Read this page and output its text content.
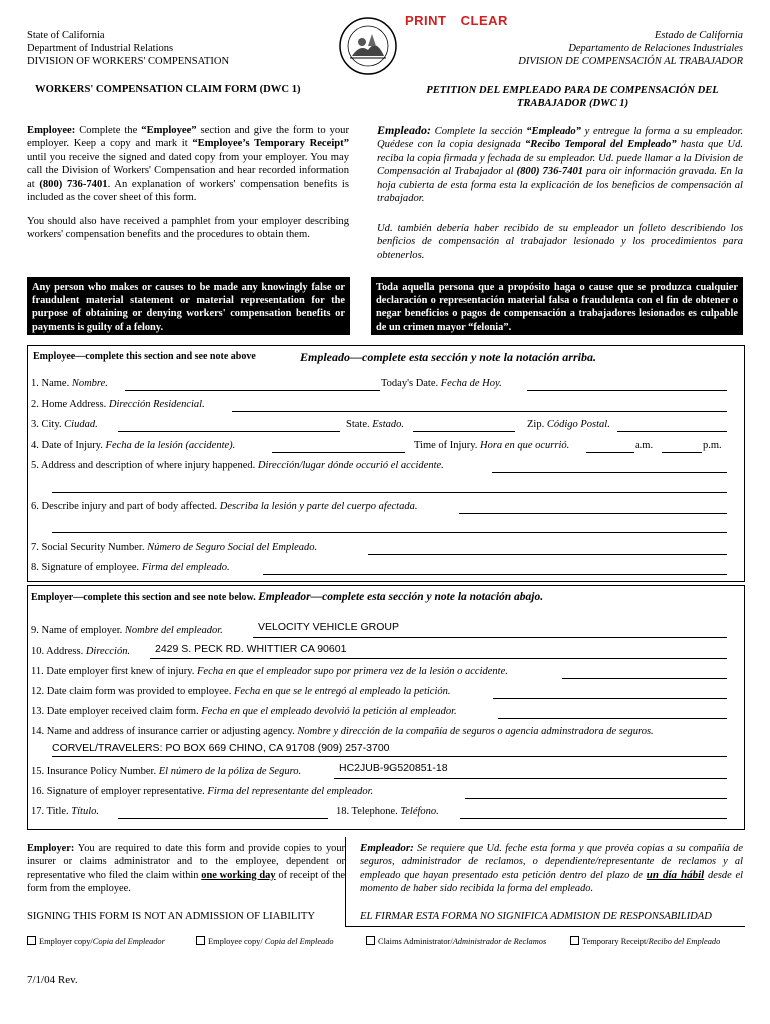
PRINT CLEAR
State of California
Department of Industrial Relations
DIVISION OF WORKERS' COMPENSATION
Estado de California
Departamento de Relaciones Industriales
DIVISION DE COMPENSACIÓN AL TRABAJADOR
WORKERS' COMPENSATION CLAIM FORM (DWC 1)	PETITION DEL EMPLEADO PARA DE COMPENSACIÓN DEL
TRABAJADOR (DWC 1)
Employee: Complete the “Employee” section and give the form to your employer. Keep a copy and mark it “Employee’s Temporary Receipt” until you receive the signed and dated copy from your employer. You may call the Division of Workers' Compensation and hear recorded information at (800) 736-7401. An explanation of workers' compensation benefits is included as the cover sheet of this form.
You should also have received a pamphlet from your employer describing workers' compensation benefits and the procedures to obtain them.
Empleado: Complete la sección “Empleado” y entregue la forma a su empleador. Quédese con la copia designada “Recibo Temporal del Empleado” hasta que Ud. reciba la copia firmada y fechada de su empleador. Ud. puede llamar a la Division de Compensación al Trabajador al (800) 736-7401 para oir información gravada. En la hoja cubierta de esta forma esta la explicación de los beneficios de compensación al trabajador.
Ud. también debería haber recibido de su empleador un folleto describiendo los benficios de compensación al trabajador lesionado y los procedimientos para obtenerlos.
Any person who makes or causes to be made any knowingly false or fraudulent material statement or material representation for the purpose of obtaining or denying workers' compensation benefits or payments is guilty of a felony.
Toda aquella persona que a propósito haga o cause que se produzca cualquier declaración o representación material falsa o fraudulenta con el fin de obtener o negar beneficios o pagos de compensación a trabajadores lesionados es culpable de un crimen mayor “felonia”.
Employee—complete this section and see note above	Empleado—complete esta sección y note la notación arriba.
1. Name. Nombre.	Today's Date. Fecha de Hoy.
2. Home Address. Dirección Residencial.
3. City. Ciudad.	State. Estado.	Zip. Código Postal.
4. Date of Injury. Fecha de la lesión (accidente).	Time of Injury. Hora en que ocurrió.	a.m.	p.m.
5. Address and description of where injury happened. Dirección/lugar dónde occurió el accidente.
6. Describe injury and part of body affected. Describa la lesión y parte del cuerpo afectada.
7. Social Security Number. Número de Seguro Social del Empleado.
8. Signature of employee. Firma del empleado.
Employer—complete this section and see note below. Empleador—complete esta sección y note la notación abajo.
9. Name of employer. Nombre del empleador.	VELOCITY VEHICLE GROUP
10. Address. Dirección. 2429 S. PECK RD. WHITTIER CA 90601
11. Date employer first knew of injury. Fecha en que el empleador supo por primera vez de la lesión o accidente.
12. Date claim form was provided to employee. Fecha en que se le entregó al empleado la petición.
13. Date employer received claim form. Fecha en que el empleado devolvió la petición al empleador.
14. Name and address of insurance carrier or adjusting agency. Nombre y dirección de la compañía de seguros o agencia adminstradora de seguros.
CORVEL/TRAVELERS: PO BOX 669 CHINO, CA 91708 (909) 257-3700
15. Insurance Policy Number. El número de la póliza de Seguro.	HC2JUB-9G520851-18
16. Signature of employer representative. Firma del representante del empleador.
17. Title. Título.	18. Telephone. Teléfono.
Employer: You are required to date this form and provide copies to your insurer or claims administrator and to the employee, dependent or representative who filed the claim within one working day of receipt of the form from the employee.
Empleador: Se requiere que Ud. feche esta forma y que provéa copias a su compañía de seguros, administrador de reclamos, o dependiente/representante de reclamos y al empleado que hayan presentado esta petición dentro del plazo de un día hábil desde el momento de haber sido recibida la forma del empleado.
SIGNING THIS FORM IS NOT AN ADMISSION OF LIABILITY	EL FIRMAR ESTA FORMA NO SIGNIFICA ADMISION DE RESPONSABILIDAD
Employer copy/Copia del Empleador	Employee copy/ Copia del Empleado	Claims Administrator/Administrador de Reclamos	Temporary Receipt/Recibo del Empleado
7/1/04 Rev.
